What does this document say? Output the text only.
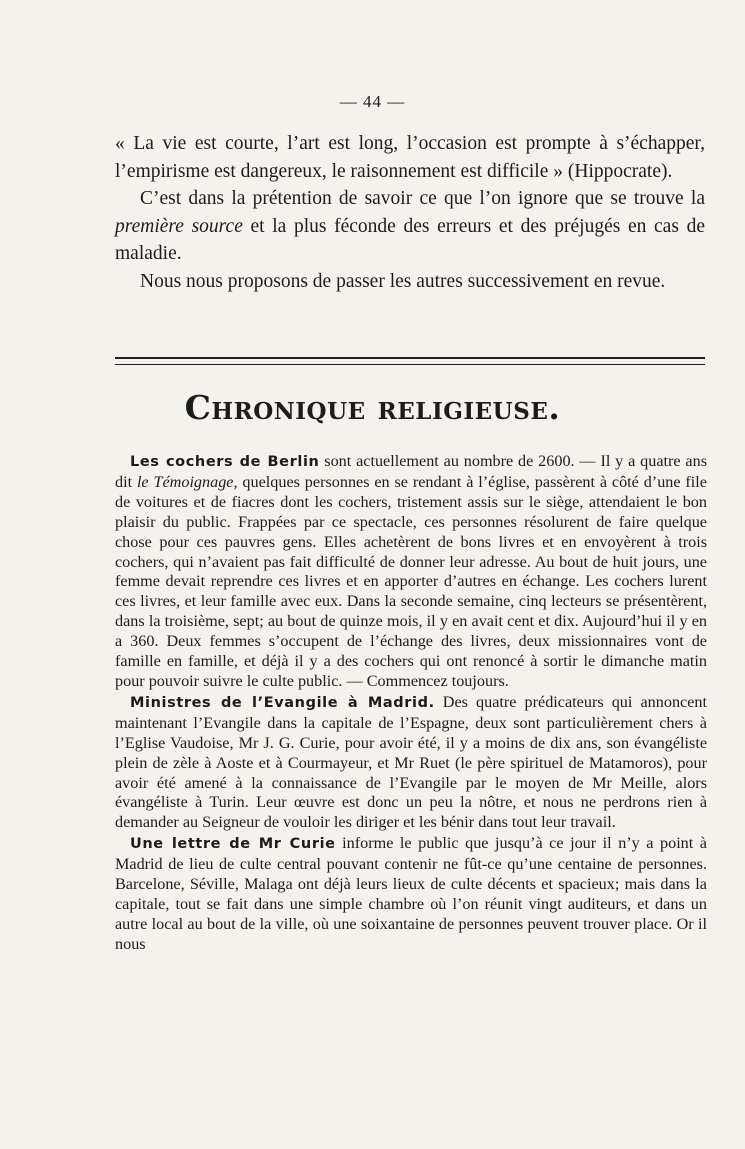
— 44 —

« La vie est courte, l’art est long, l’occasion est prompte à s’échapper, l’empirisme est dangereux, le raisonnement est difficile » (Hippocrate).

C’est dans la prétention de savoir ce que l’on ignore que se trouve la première source et la plus féconde des erreurs et des préjugés en cas de maladie.

Nous nous proposons de passer les autres successivement en revue.

Chronique religieuse.

Les cochers de Berlin sont actuellement au nombre de 2600. — Il y a quatre ans dit le Témoignage, quelques personnes en se rendant à l’église, passèrent à côté d’une file de voitures et de fiacres dont les cochers, tristement assis sur le siège, attendaient le bon plaisir du public. Frappées par ce spectacle, ces personnes résolurent de faire quelque chose pour ces pauvres gens. Elles achetèrent de bons livres et en envoyèrent à trois cochers, qui n’avaient pas fait difficulté de donner leur adresse. Au bout de huit jours, une femme devait reprendre ces livres et en apporter d’autres en échange. Les cochers lurent ces livres, et leur famille avec eux. Dans la seconde semaine, cinq lecteurs se présentèrent, dans la troisième, sept; au bout de quinze mois, il y en avait cent et dix. Aujourd’hui il y en a 360. Deux femmes s’occupent de l’échange des livres, deux missionnaires vont de famille en famille, et déjà il y a des cochers qui ont renoncé à sortir le dimanche matin pour pouvoir suivre le culte public. — Commencez toujours.

Ministres de l’Evangile à Madrid. Des quatre prédicateurs qui annoncent maintenant l’Evangile dans la capitale de l’Espagne, deux sont particulièrement chers à l’Eglise Vaudoise, Mr J. G. Curie, pour avoir été, il y a moins de dix ans, son évangéliste plein de zèle à Aoste et à Courmayeur, et Mr Ruet (le père spirituel de Matamoros), pour avoir été amené à la connaissance de l’Evangile par le moyen de Mr Meille, alors évangéliste à Turin. Leur œuvre est donc un peu la nôtre, et nous ne perdrons rien à demander au Seigneur de vouloir les diriger et les bénir dans tout leur travail.

Une lettre de Mr Curie informe le public que jusqu’à ce jour il n’y a point à Madrid de lieu de culte central pouvant contenir ne fût-ce qu’une centaine de personnes. Barcelone, Séville, Malaga ont déjà leurs lieux de culte décents et spacieux; mais dans la capitale, tout se fait dans une simple chambre où l’on réunit vingt auditeurs, et dans un autre local au bout de la ville, où une soixantaine de personnes peuvent trouver place. Or il nous
